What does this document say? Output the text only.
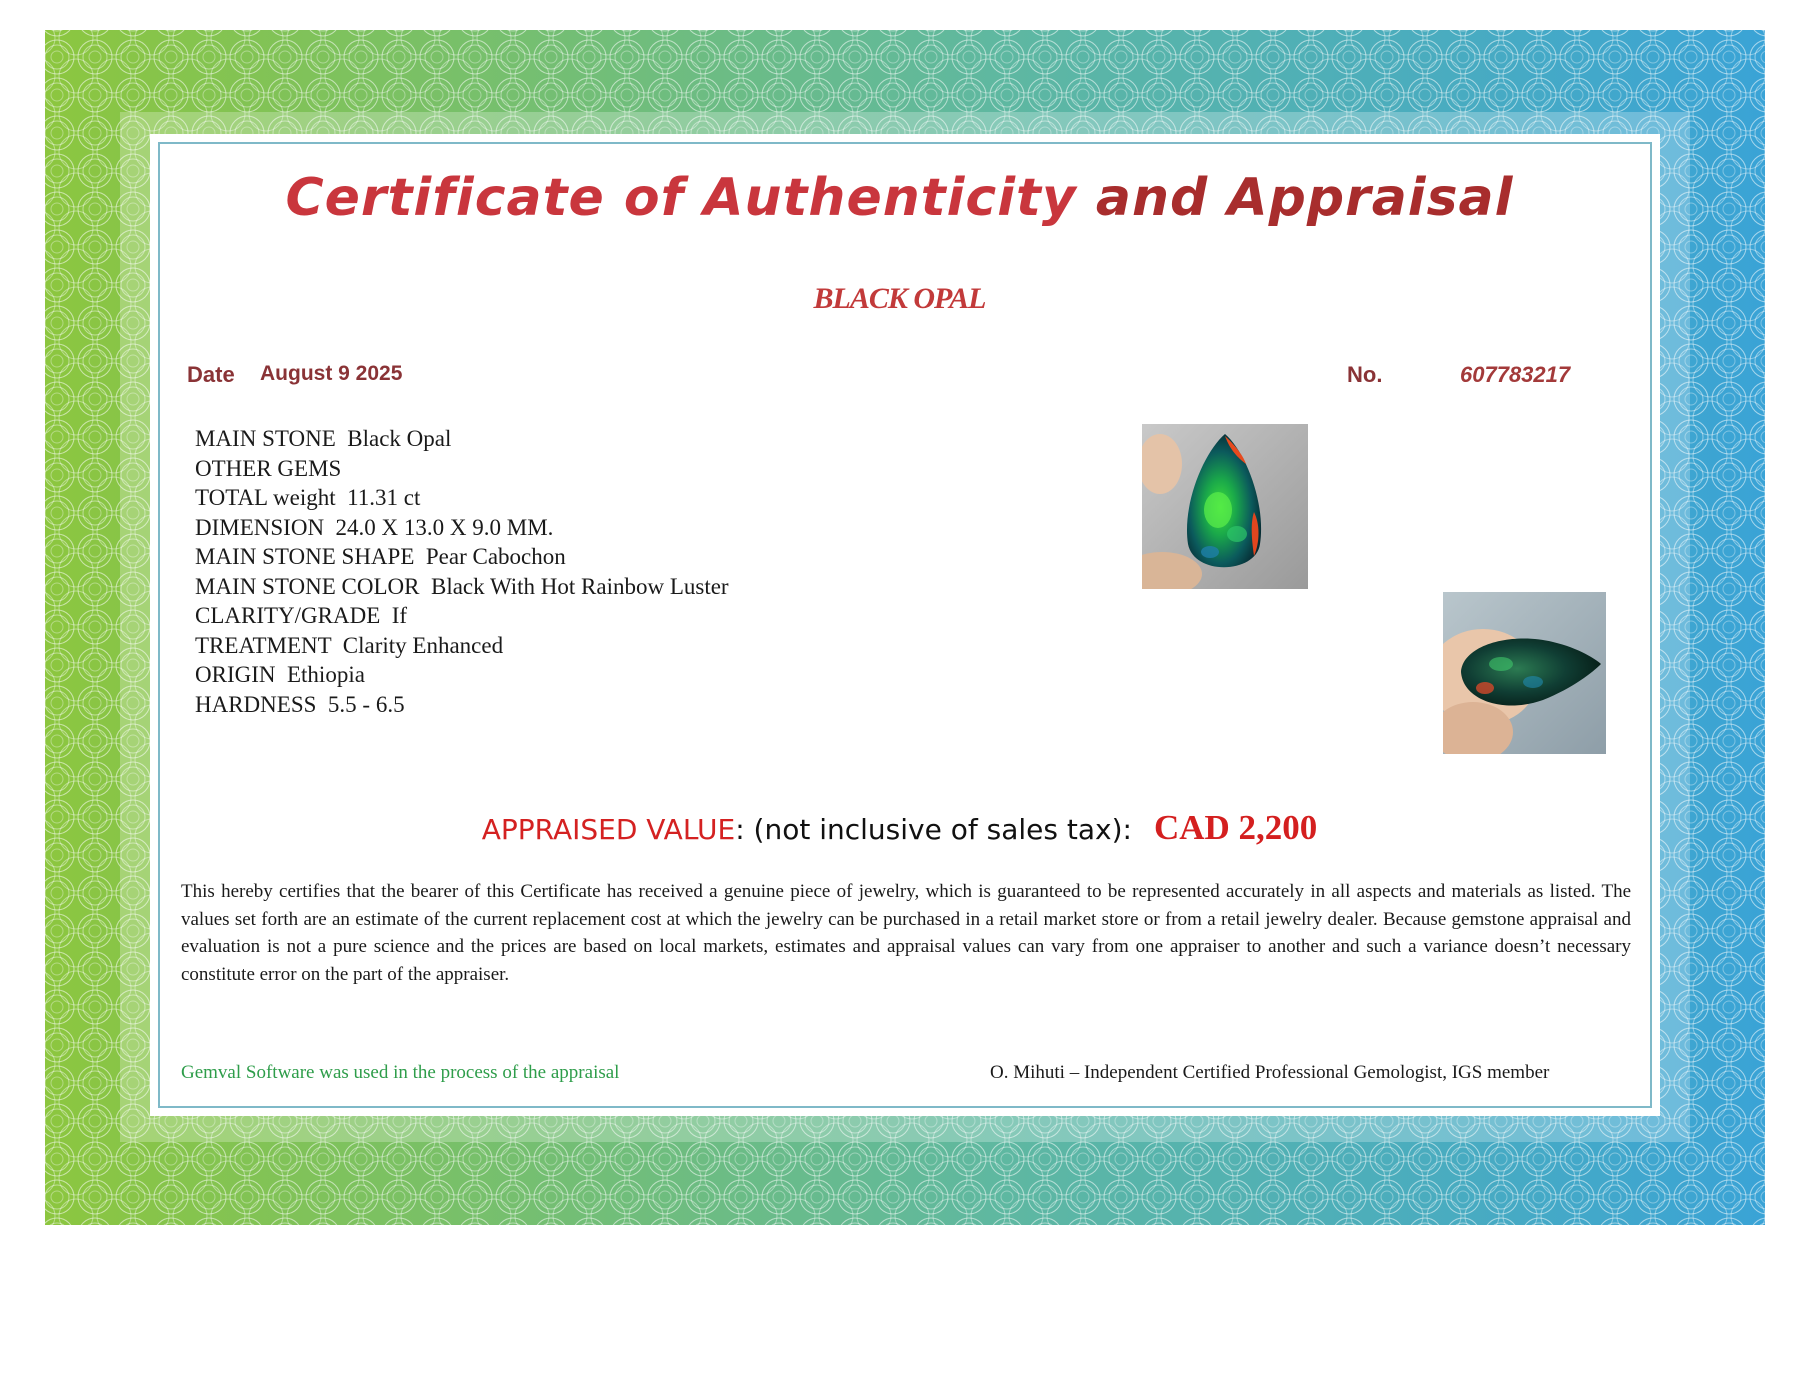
Certificate of Authenticity and Appraisal
BLACK OPAL
Date August 9 2025	No.	607783217
MAIN STONE  Black Opal
OTHER GEMS
TOTAL weight  11.31 ct
DIMENSION  24.0 X 13.0 X 9.0 MM.
MAIN STONE SHAPE  Pear Cabochon
MAIN STONE COLOR  Black With Hot Rainbow Luster
CLARITY/GRADE  If
TREATMENT  Clarity Enhanced
ORIGIN  Ethiopia
HARDNESS  5.5 - 6.5
APPRAISED VALUE: (not inclusive of sales tax): CAD 2,200
This hereby certifies that the bearer of this Certificate has received a genuine piece of jewelry, which is guaranteed to be represented accurately in all aspects and materials as listed. The values set forth are an estimate of the current replacement cost at which the jewelry can be purchased in a retail market store or from a retail jewelry dealer. Because gemstone appraisal and evaluation is not a pure science and the prices are based on local markets, estimates and appraisal values can vary from one appraiser to another and such a variance doesn’t necessary constitute error on the part of the appraiser.
Gemval Software was used in the process of the appraisal	O. Mihuti – Independent Certified Professional Gemologist, IGS member
